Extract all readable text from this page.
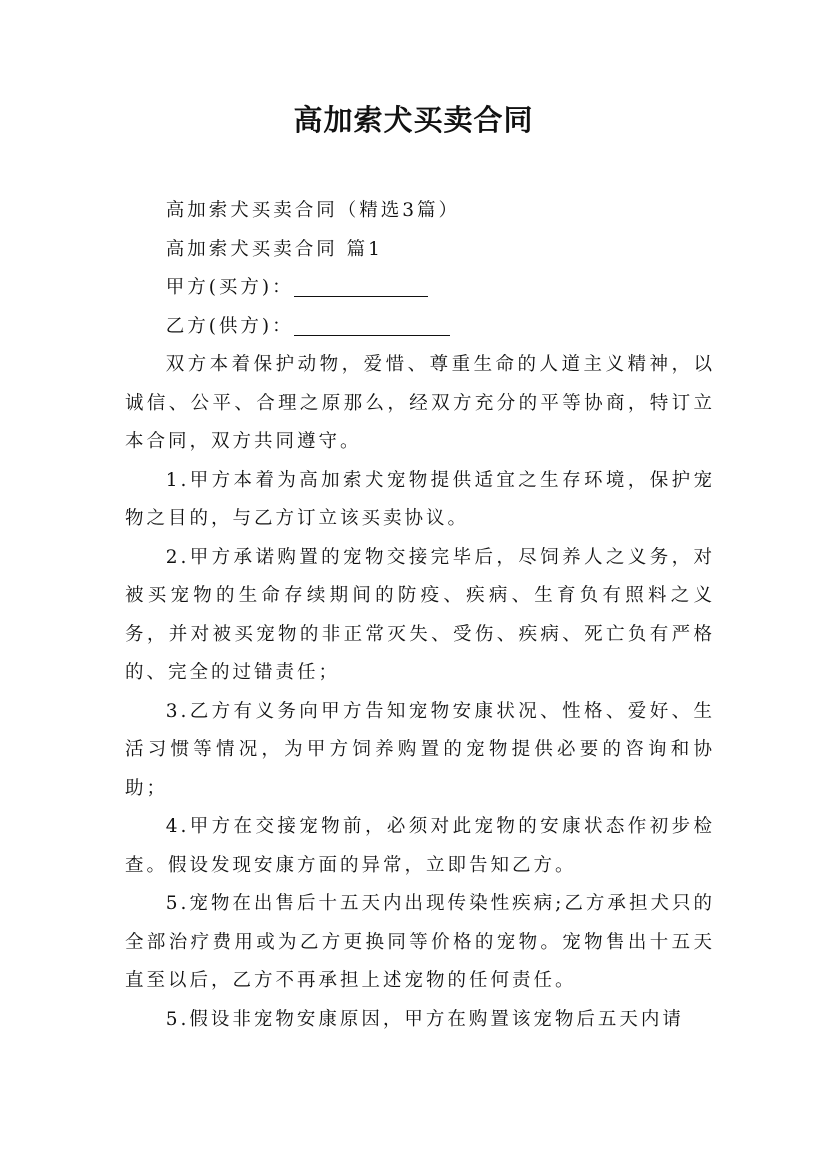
高加索犬买卖合同

高加索犬买卖合同（精选3篇）

高加索犬买卖合同 篇1

甲方(买方)：

乙方(供方)：

双方本着保护动物，爱惜、尊重生命的人道主义精神，以诚信、公平、合理之原那么，经双方充分的平等协商，特订立本合同，双方共同遵守。

1.甲方本着为高加索犬宠物提供适宜之生存环境，保护宠物之目的，与乙方订立该买卖协议。

2.甲方承诺购置的宠物交接完毕后，尽饲养人之义务，对被买宠物的生命存续期间的防疫、疾病、生育负有照料之义务，并对被买宠物的非正常灭失、受伤、疾病、死亡负有严格的、完全的过错责任；

3.乙方有义务向甲方告知宠物安康状况、性格、爱好、生活习惯等情况，为甲方饲养购置的宠物提供必要的咨询和协助；

4.甲方在交接宠物前，必须对此宠物的安康状态作初步检查。假设发现安康方面的异常，立即告知乙方。

5.宠物在出售后十五天内出现传染性疾病;乙方承担犬只的全部治疗费用或为乙方更换同等价格的宠物。宠物售出十五天直至以后，乙方不再承担上述宠物的任何责任。

5.假设非宠物安康原因，甲方在购置该宠物后五天内请
